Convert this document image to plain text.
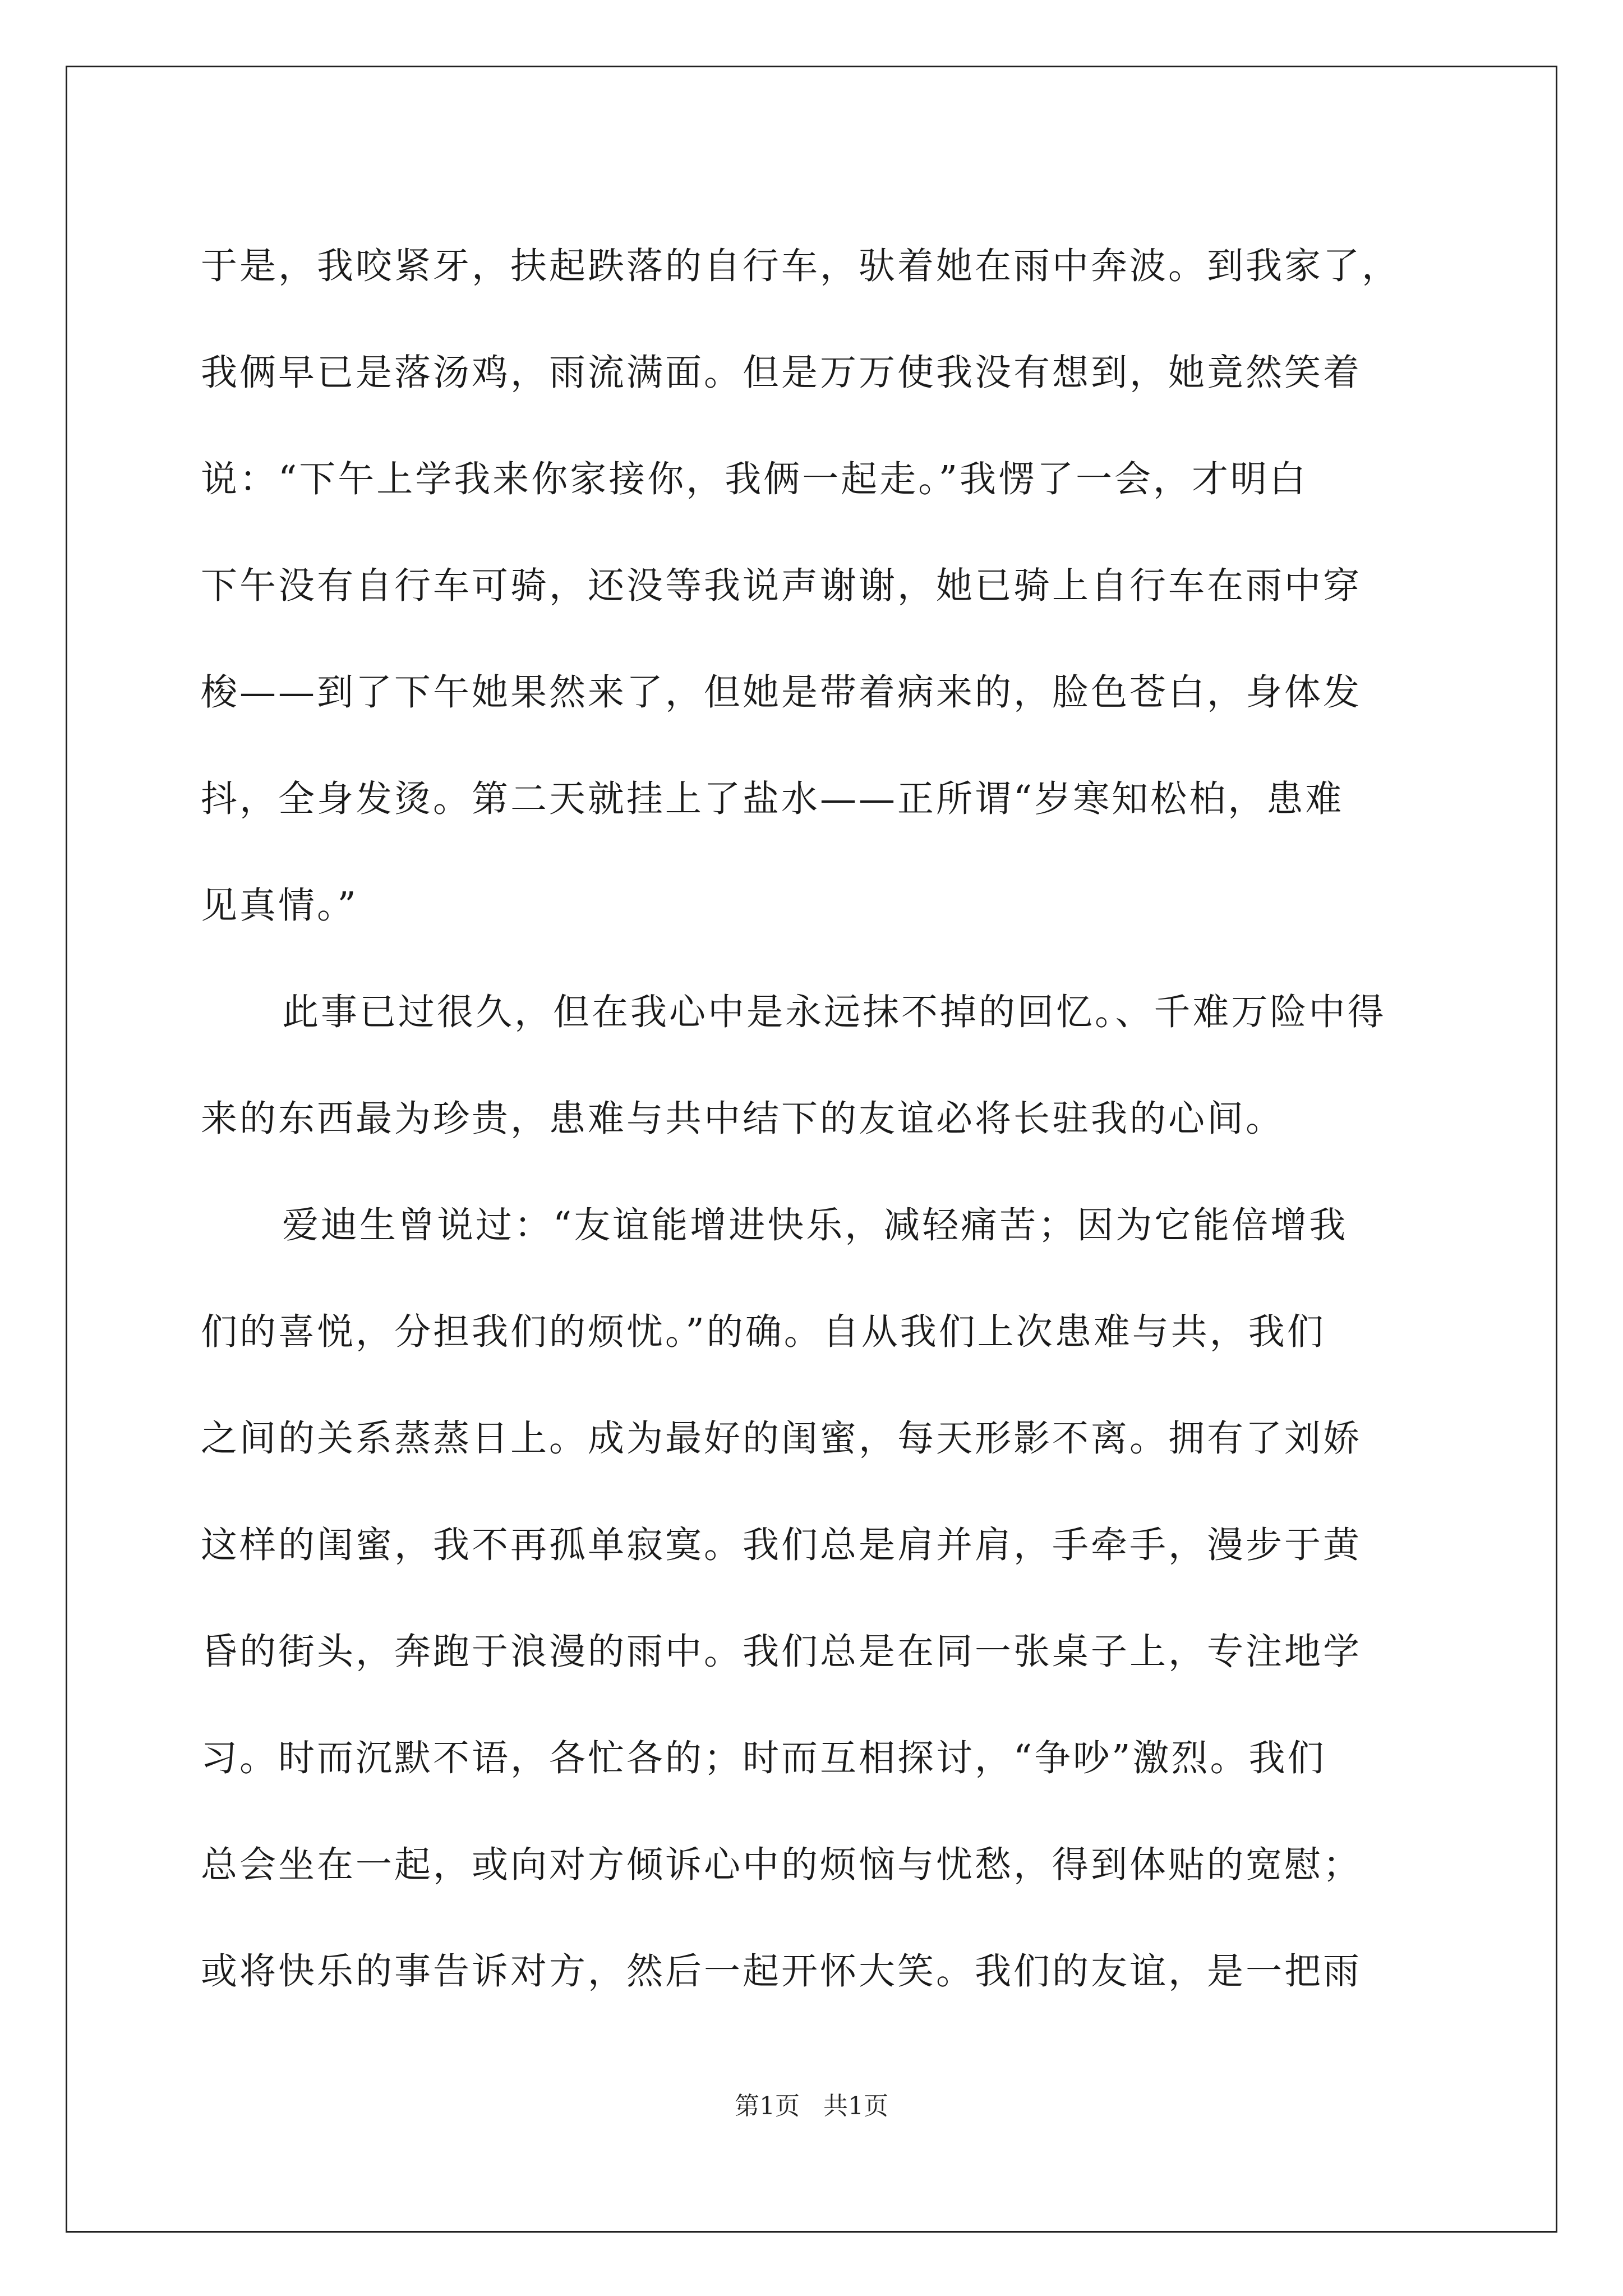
于是，我咬紧牙，扶起跌落的自行车，驮着她在雨中奔波。到我家了，
我俩早已是落汤鸡，雨流满面。但是万万使我没有想到，她竟然笑着
说：“下午上学我来你家接你，我俩一起走。”我愣了一会，才明白
下午没有自行车可骑，还没等我说声谢谢，她已骑上自行车在雨中穿
梭——到了下午她果然来了，但她是带着病来的，脸色苍白，身体发
抖，全身发烫。第二天就挂上了盐水——正所谓“岁寒知松柏，患难
见真情。”
此事已过很久，但在我心中是永远抹不掉的回忆。、千难万险中得
来的东西最为珍贵，患难与共中结下的友谊必将长驻我的心间。
爱迪生曾说过：“友谊能增进快乐，减轻痛苦；因为它能倍增我
们的喜悦，分担我们的烦忧。”的确。自从我们上次患难与共，我们
之间的关系蒸蒸日上。成为最好的闺蜜，每天形影不离。拥有了刘娇
这样的闺蜜，我不再孤单寂寞。我们总是肩并肩，手牵手，漫步于黄
昏的街头，奔跑于浪漫的雨中。我们总是在同一张桌子上，专注地学
习。时而沉默不语，各忙各的；时而互相探讨，“争吵”激烈。我们
总会坐在一起，或向对方倾诉心中的烦恼与忧愁，得到体贴的宽慰；
或将快乐的事告诉对方，然后一起开怀大笑。我们的友谊，是一把雨
第1页   共1页
